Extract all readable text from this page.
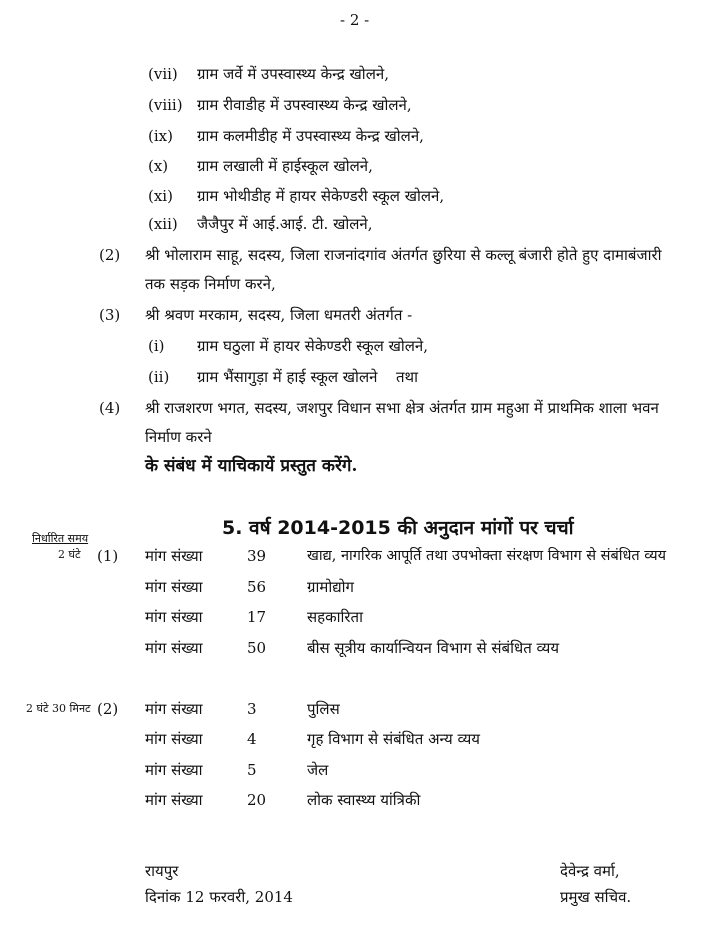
- 2 -
(vii) ग्राम जर्वे में उपस्वास्थ्य केन्द्र खोलने,
(viii) ग्राम रीवाडीह में उपस्वास्थ्य केन्द्र खोलने,
(ix) ग्राम कलमीडीह में उपस्वास्थ्य केन्द्र खोलने,
(x) ग्राम लखाली में हाईस्कूल खोलने,
(xi) ग्राम भोथीडीह में हायर सेकेण्डरी स्कूल खोलने,
(xii) जैजैपुर में आई.आई. टी. खोलने,
(2) श्री भोलाराम साहू, सदस्य, जिला राजनांदगांव अंतर्गत छुरिया से कल्लू बंजारी होते हुए दामाबंजारी
तक सड़क निर्माण करने,
(3) श्री श्रवण मरकाम, सदस्य, जिला धमतरी अंतर्गत -
(i) ग्राम घठुला में हायर सेकेण्डरी स्कूल खोलने,
(ii) ग्राम भैंसागुड़ा में हाई स्कूल खोलने तथा
(4) श्री राजशरण भगत, सदस्य, जशपुर विधान सभा क्षेत्र अंतर्गत ग्राम महुआ में प्राथमिक शाला भवन
निर्माण करने
के संबंध में याचिकायें प्रस्तुत करेंगे.
5. वर्ष 2014-2015 की अनुदान मांगों पर चर्चा
निर्धारित समय
2 घंटे (1) मांग संख्या	39	खाद्य, नागरिक आपूर्ति तथा उपभोक्ता संरक्षण विभाग से संबंधित व्यय
मांग संख्या	56	ग्रामोद्योग
मांग संख्या	17	सहकारिता
मांग संख्या	50	बीस सूत्रीय कार्यान्वियन विभाग से संबंधित व्यय
2 घंटे 30 मिनट (2) मांग संख्या	3	पुलिस
मांग संख्या	4	गृह विभाग से संबंधित अन्य व्यय
मांग संख्या	5	जेल
मांग संख्या	20	लोक स्वास्थ्य यांत्रिकी
रायपुर
दिनांक 12 फरवरी, 2014
देवेन्द्र वर्मा,
प्रमुख सचिव.
